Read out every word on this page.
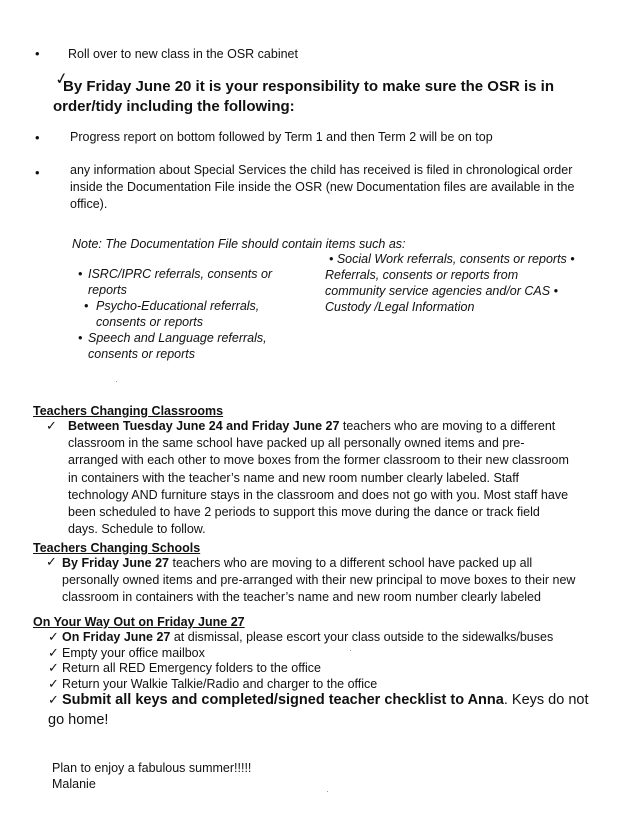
• Roll over to new class in the OSR cabinet
✓
By Friday June 20 it is your responsibility to make sure the OSR is in
order/tidy including the following:
• Progress report on bottom followed by Term 1 and then Term 2 will be on top
• any information about Special Services the child has received is filed in chronological order inside the Documentation File inside the OSR (new Documentation files are available in the office).
Note: The Documentation File should contain items such as:
• ISRC/IPRC referrals, consents or reports
• Psycho-Educational referrals, consents or reports
• Speech and Language referrals, consents or reports
• Social Work referrals, consents or reports •
Referrals, consents or reports from
community service agencies and/or CAS •
Custody /Legal Information
Teachers Changing Classrooms
✓ Between Tuesday June 24 and Friday June 27 teachers who are moving to a different classroom in the same school have packed up all personally owned items and pre-arranged with each other to move boxes from the former classroom to their new classroom in containers with the teacher’s name and new room number clearly labeled. Staff technology AND furniture stays in the classroom and does not go with you. Most staff have been scheduled to have 2 periods to support this move during the dance or track field days. Schedule to follow.
Teachers Changing Schools
✓ By Friday June 27 teachers who are moving to a different school have packed up all personally owned items and pre-arranged with their new principal to move boxes to their new classroom in containers with the teacher’s name and new room number clearly labeled
On Your Way Out on Friday June 27
✓ On Friday June 27 at dismissal, please escort your class outside to the sidewalks/buses
✓ Empty your office mailbox
✓ Return all RED Emergency folders to the office
✓ Return your Walkie Talkie/Radio and charger to the office
✓ Submit all keys and completed/signed teacher checklist to Anna. Keys do not go home!
Plan to enjoy a fabulous summer!!!!!
Malanie
